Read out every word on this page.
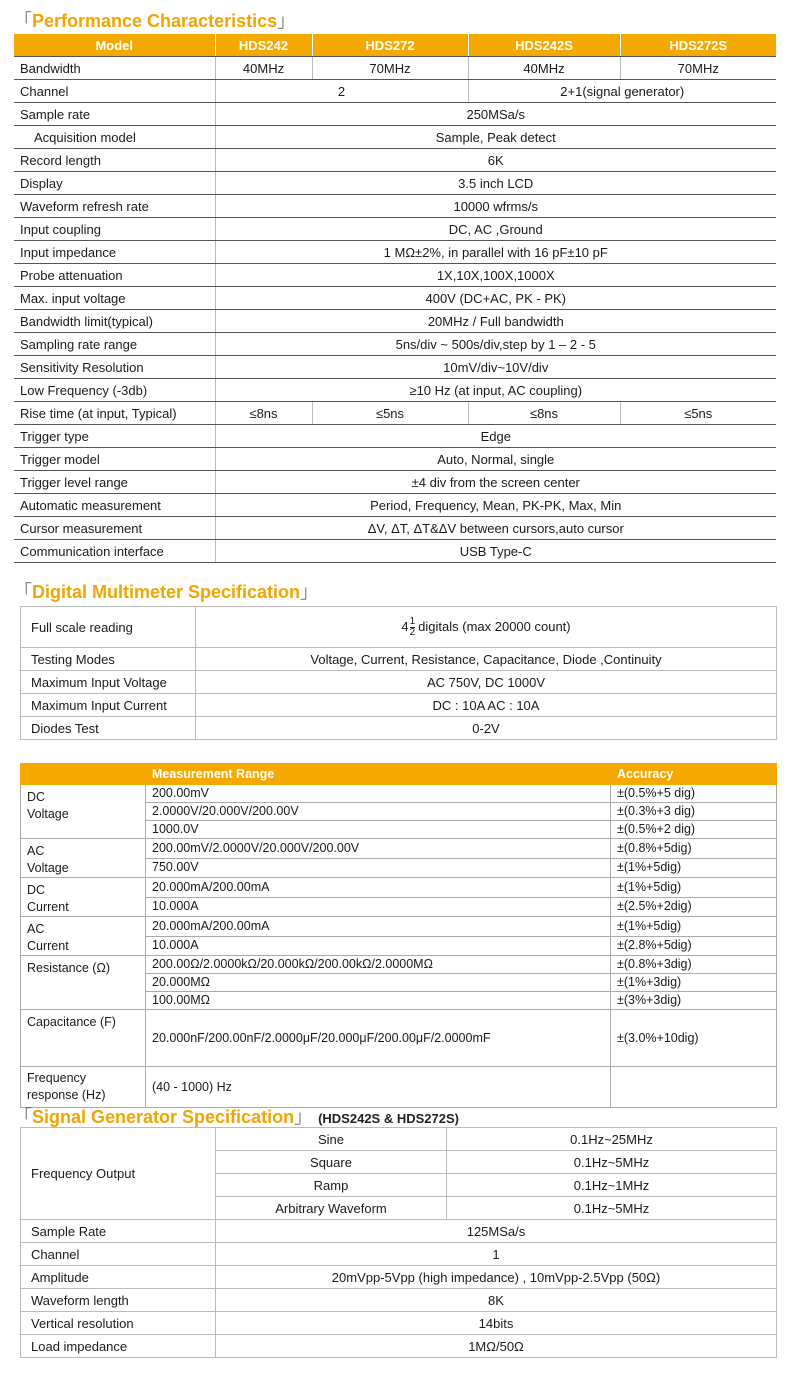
「Performance Characteristics」
Model	HDS242	HDS272	HDS242S	HDS272S
Bandwidth	40MHz	70MHz	40MHz	70MHz
Channel	2		2+1(signal generator)	
Sample rate	250MSa/s			
Acquisition model	Sample, Peak detect			
Record length	6K			
Display	3.5 inch LCD			
Waveform refresh rate	10000 wfrms/s			
Input coupling	DC, AC ,Ground			
Input impedance	1 MΩ±2%, in parallel with 16 pF±10 pF			
Probe attenuation	1X,10X,100X,1000X			
Max. input voltage	400V (DC+AC, PK - PK)			
Bandwidth limit(typical)	20MHz / Full bandwidth			
Sampling rate range	5ns/div ~ 500s/div,step by 1 – 2 - 5			
Sensitivity Resolution	10mV/div~10V/div			
Low Frequency (-3db)	≥10 Hz (at input, AC coupling)			
Rise time (at input, Typical)	≤8ns	≤5ns	≤8ns	≤5ns
Trigger type	Edge			
Trigger model	Auto, Normal, single			
Trigger level range	±4 div from the screen center			
Automatic measurement	Period, Frequency, Mean, PK-PK, Max, Min			
Cursor measurement	ΔV, ΔT, ΔT&ΔV between cursors,auto cursor			
Communication interface	USB Type-C			
「Digital Multimeter Specification」
Full scale reading	$4 \frac{1}{2}$ digitals (max 20000 count)
Testing Modes	Voltage, Current, Resistance, Capacitance, Diode ,Continuity
Maximum Input Voltage	AC 750V, DC 1000V
Maximum Input Current	DC : 10A AC : 10A
Diodes Test	0-2V
	Measurement Range	Accuracy
DC
Voltage	200.00mV	±(0.5%+5 dig)
	2.0000V/20.000V/200.00V	±(0.3%+3 dig)
	1000.0V	±(0.5%+2 dig)
AC
Voltage	200.00mV/2.0000V/20.000V/200.00V	±(0.8%+5dig)
	750.00V	±(1%+5dig)
DC
Current	20.000mA/200.00mA	±(1%+5dig)
	10.000A	±(2.5%+2dig)
AC
Current	20.000mA/200.00mA	±(1%+5dig)
	10.000A	±(2.8%+5dig)
Resistance (Ω)	200.00Ω/2.0000kΩ/20.000kΩ/200.00kΩ/2.0000MΩ	±(0.8%+3dig)
	20.000MΩ	±(1%+3dig)
	100.00MΩ	±(3%+3dig)
Capacitance (F)	20.000nF/200.00nF/2.0000μF/20.000μF/200.00μF/2.0000mF	±(3.0%+10dig)
Frequency
response (Hz)	(40 - 1000) Hz	
「Signal Generator Specification」 (HDS242S & HDS272S)
Frequency Output	Sine	0.1Hz~25MHz
	Square	0.1Hz~5MHz
	Ramp	0.1Hz~1MHz
	Arbitrary Waveform	0.1Hz~5MHz
Sample Rate	125MSa/s	
Channel	1	
Amplitude	20mVpp-5Vpp (high impedance) , 10mVpp-2.5Vpp (50Ω)	
Waveform length	8K	
Vertical resolution	14bits	
Load impedance	1MΩ/50Ω	
